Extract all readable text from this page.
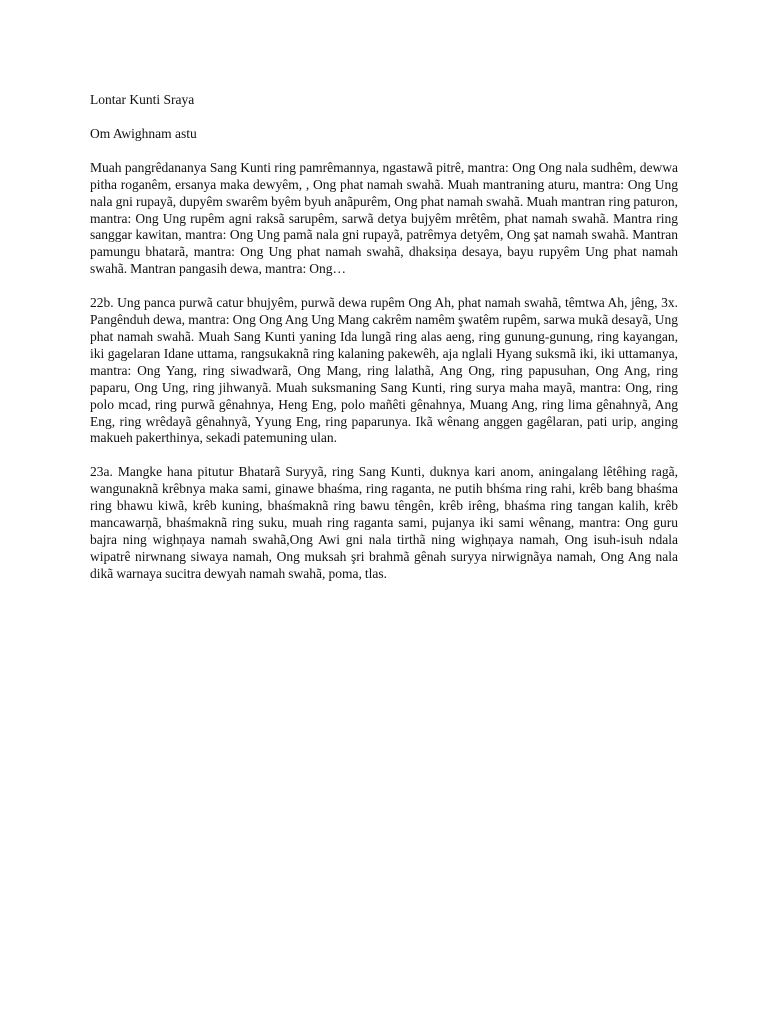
Lontar Kunti Sraya

Om Awighnam astu

Muah pangrêdananya Sang Kunti ring pamrêmannya, ngastawã pitrê, mantra: Ong Ong nala sudhêm, dewwa pitha roganêm, ersanya maka dewyêm, , Ong phat namah swahã. Muah mantraning aturu, mantra: Ong Ung nala gni rupayã, dupyêm swarêm byêm byuh anãpurêm, Ong phat namah swahã. Muah mantran ring paturon, mantra: Ong Ung rupêm agni raksã sarupêm, sarwã detya bujyêm mrêtêm, phat namah swahã. Mantra ring sanggar kawitan, mantra: Ong Ung pamã nala gni rupayã, patrêmya detyêm, Ong şat namah swahã. Mantran pamungu bhatarã, mantra: Ong Ung phat namah swahã, dhaksiņa desaya, bayu rupyêm Ung phat namah swahã. Mantran pangasih dewa, mantra: Ong…

22b. Ung panca purwã catur bhujyêm, purwã dewa rupêm Ong Ah, phat namah swahã, têmtwa Ah, jêng, 3x. Pangênduh dewa, mantra: Ong Ong Ang Ung Mang cakrêm namêm şwatêm rupêm, sarwa mukã desayã, Ung phat namah swahã. Muah Sang Kunti yaning Ida lungã ring alas aeng, ring gunung-gunung, ring kayangan, iki gagelaran Idane uttama, rangsukaknã ring kalaning pakewêh, aja nglali Hyang suksmã iki, iki uttamanya, mantra: Ong Yang, ring siwadwarã, Ong Mang, ring lalathã, Ang Ong, ring papusuhan, Ong Ang, ring paparu, Ong Ung, ring jihwanyã. Muah suksmaning Sang Kunti, ring surya maha mayã, mantra: Ong, ring polo mcad, ring purwã gênahnya, Heng Eng, polo mañêti gênahnya, Muang Ang, ring lima gênahnyã, Ang Eng, ring wrêdayã gênahnyã, Yyung Eng, ring paparunya. Ikã wênang anggen gagêlaran, pati urip, anging makueh pakerthinya, sekadi patemuning ulan.

23a. Mangke hana pitutur Bhatarã Suryyã, ring Sang Kunti, duknya kari anom, aningalang lêtêhing ragã, wangunaknã krêbnya maka sami, ginawe bhaśma, ring raganta, ne putih bhśma ring rahi, krêb bang bhaśma ring bhawu kiwã, krêb kuning, bhaśmaknã ring bawu têngên, krêb irêng, bhaśma ring tangan kalih, krêb mancawarņã, bhaśmaknã ring suku, muah ring raganta sami, pujanya iki sami wênang, mantra: Ong guru bajra ning wighņaya namah swahã,Ong Awi gni nala tirthã ning wighņaya namah, Ong isuh-isuh ndala wipatrê nirwnang siwaya namah, Ong muksah şri brahmã gênah suryya nirwignãya namah, Ong Ang nala dikã warnaya sucitra dewyah namah swahã, poma, tlas.
